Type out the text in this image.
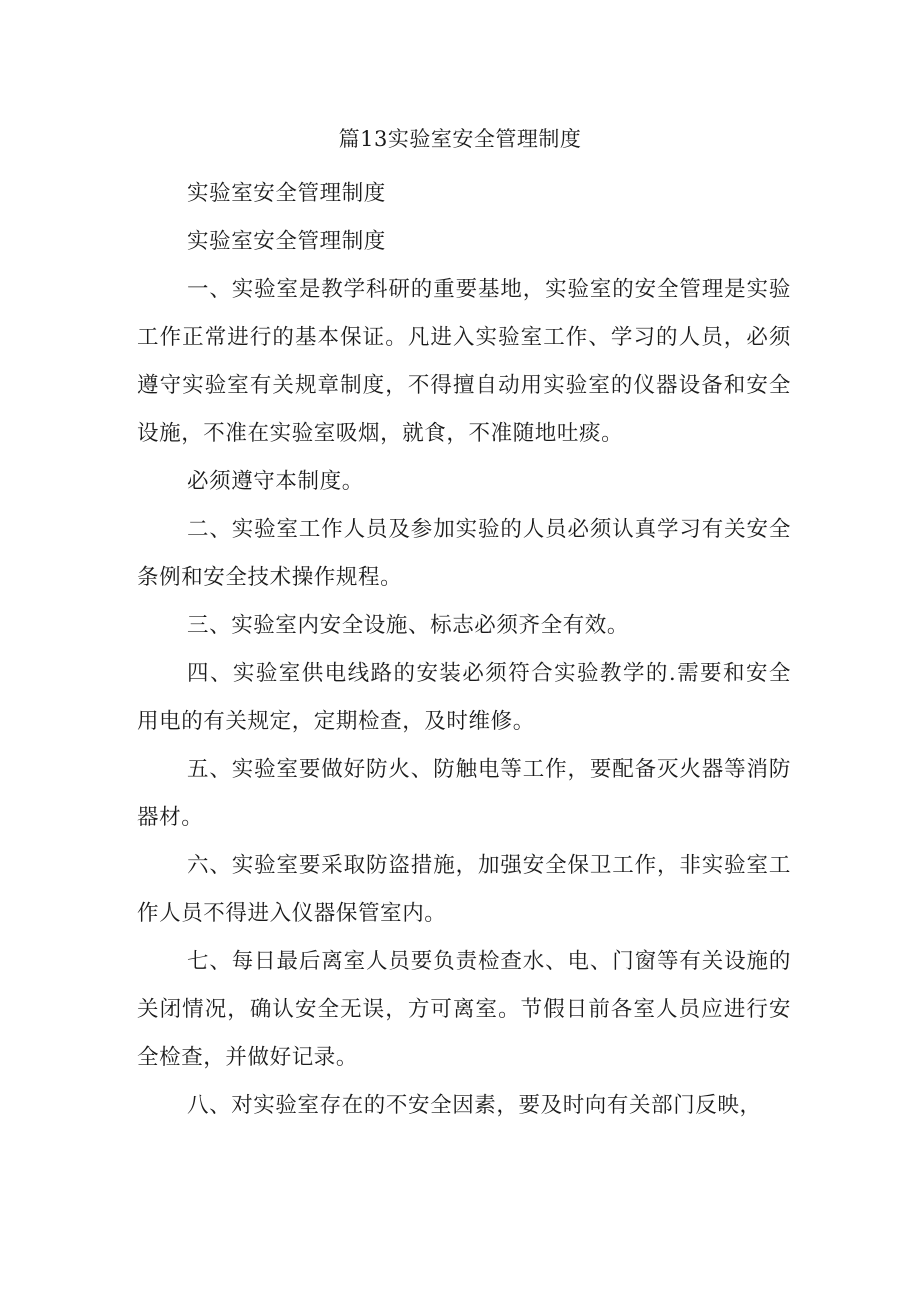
篇13实验室安全管理制度

实验室安全管理制度

实验室安全管理制度

一、实验室是教学科研的重要基地，实验室的安全管理是实验工作正常进行的基本保证。凡进入实验室工作、学习的人员，必须遵守实验室有关规章制度，不得擅自动用实验室的仪器设备和安全设施，不准在实验室吸烟，就食，不准随地吐痰。

必须遵守本制度。

二、实验室工作人员及参加实验的人员必须认真学习有关安全条例和安全技术操作规程。

三、实验室内安全设施、标志必须齐全有效。

四、实验室供电线路的安装必须符合实验教学的.需要和安全用电的有关规定，定期检查，及时维修。

五、实验室要做好防火、防触电等工作，要配备灭火器等消防器材。

六、实验室要采取防盗措施，加强安全保卫工作，非实验室工作人员不得进入仪器保管室内。

七、每日最后离室人员要负责检查水、电、门窗等有关设施的关闭情况，确认安全无误，方可离室。节假日前各室人员应进行安全检查，并做好记录。

八、对实验室存在的不安全因素，要及时向有关部门反映，
